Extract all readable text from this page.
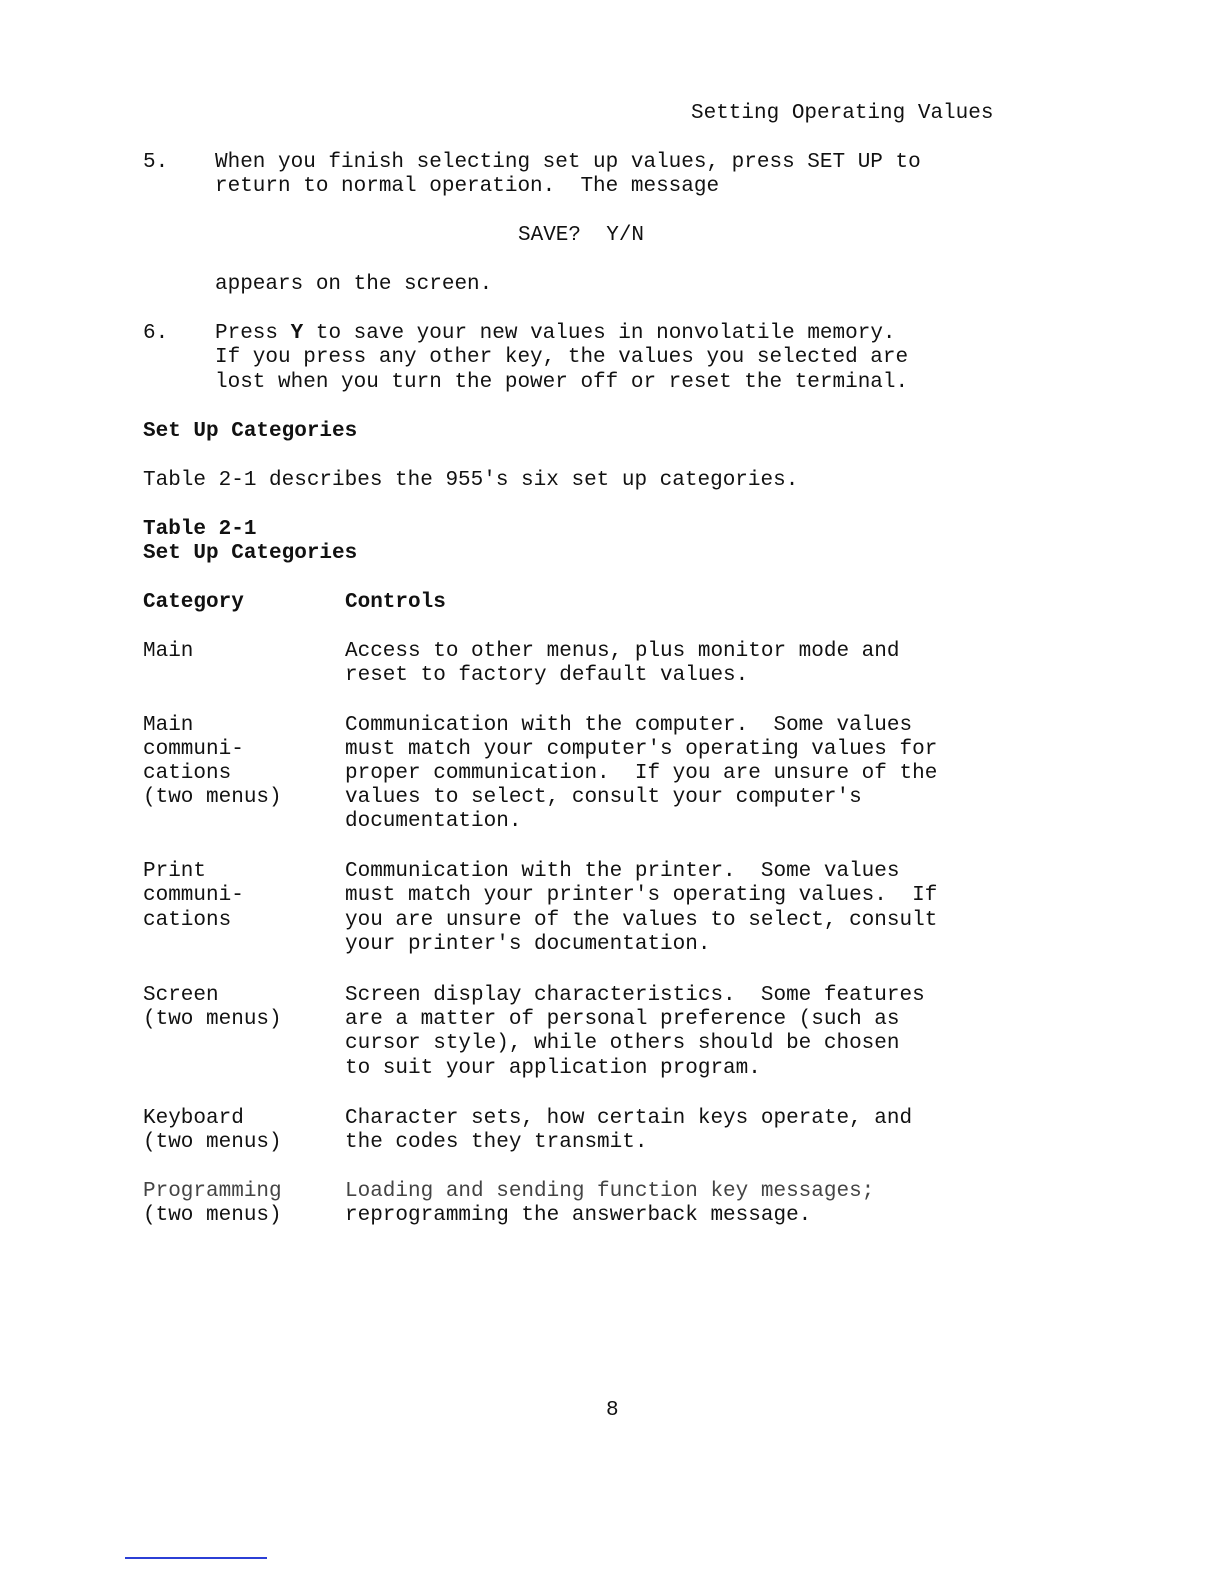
Setting Operating Values
5. When you finish selecting set up values, press SET UP to
return to normal operation.  The message
SAVE?  Y/N
appears on the screen.
6. Press Y to save your new values in nonvolatile memory.
If you press any other key, the values you selected are
lost when you turn the power off or reset the terminal.
Set Up Categories
Table 2-1 describes the 955's six set up categories.
Table 2-1
Set Up Categories
Category	Controls
Main	Access to other menus, plus monitor mode and
reset to factory default values.
Main
communi-
cations
(two menus)
Communication with the computer.  Some values
must match your computer's operating values for
proper communication.  If you are unsure of the
values to select, consult your computer's
documentation.
Print
communi-
cations
Communication with the printer.  Some values
must match your printer's operating values.  If
you are unsure of the values to select, consult
your printer's documentation.
Screen
(two menus)
Screen display characteristics.  Some features
are a matter of personal preference (such as
cursor style), while others should be chosen
to suit your application program.
Keyboard
(two menus)
Character sets, how certain keys operate, and
the codes they transmit.
Programming
(two menus)
Loading and sending function key messages;
reprogramming the answerback message.
8
